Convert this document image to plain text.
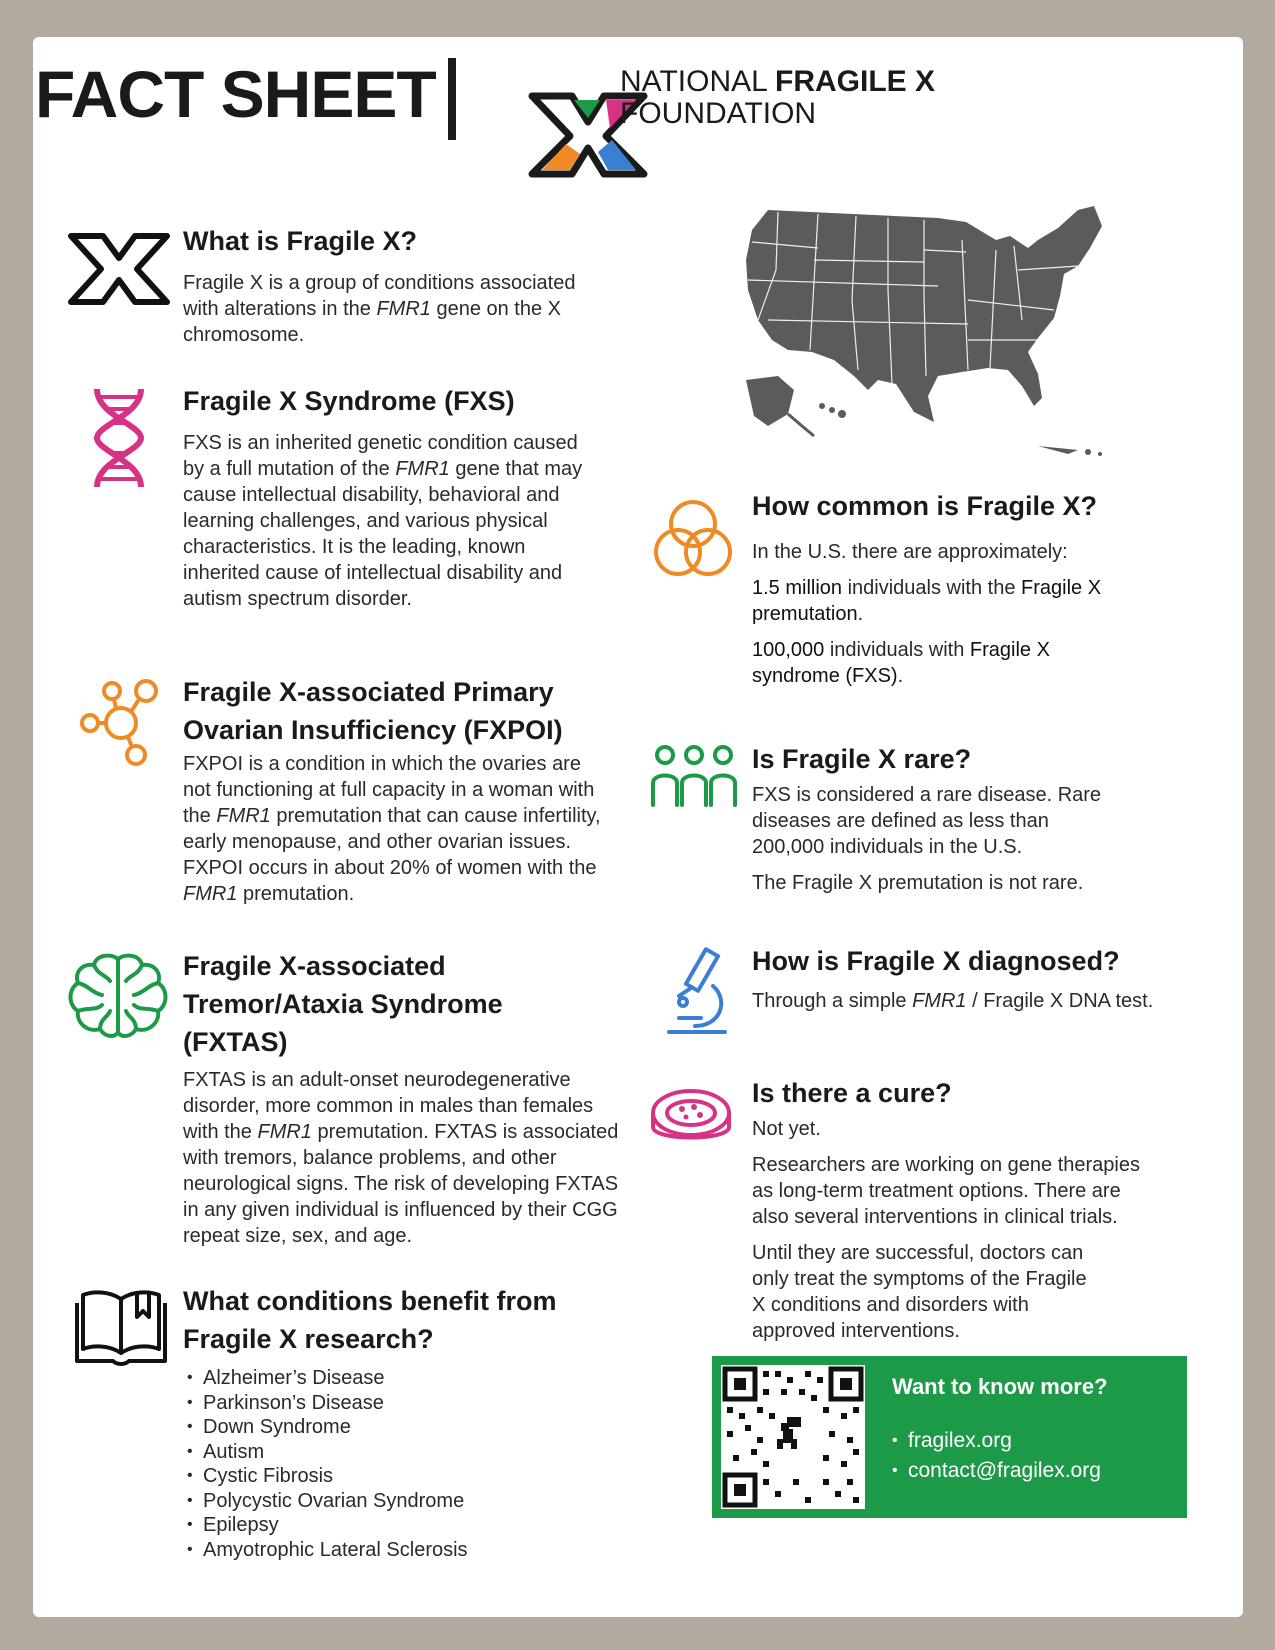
FACT SHEET	NATIONAL FRAGILE X
FOUNDATION
What is Fragile X?

Fragile X is a group of conditions associated with alterations in the FMR1 gene on the X chromosome.

Fragile X Syndrome (FXS)

FXS is an inherited genetic condition caused by a full mutation of the FMR1 gene that may cause intellectual disability, behavioral and learning challenges, and various physical characteristics. It is the leading, known inherited cause of intellectual disability and autism spectrum disorder.

Fragile X-associated Primary
Ovarian Insufficiency (FXPOI)

FXPOI is a condition in which the ovaries are not functioning at full capacity in a woman with the FMR1 premutation that can cause infertility, early menopause, and other ovarian issues. FXPOI occurs in about 20% of women with the FMR1 premutation.

Fragile X-associated
Tremor/Ataxia Syndrome
(FXTAS)

FXTAS is an adult-onset neurodegenerative disorder, more common in males than females with the FMR1 premutation. FXTAS is associated with tremors, balance problems, and other neurological signs. The risk of developing FXTAS in any given individual is influenced by their CGG repeat size, sex, and age.

What conditions benefit from
Fragile X research?
• Alzheimer’s Disease
• Parkinson’s Disease
• Down Syndrome
• Autism
• Cystic Fibrosis
• Polycystic Ovarian Syndrome
• Epilepsy
• Amyotrophic Lateral Sclerosis
How common is Fragile X?

In the U.S. there are approximately:

1.5 million individuals with the Fragile X premutation.

100,000 individuals with Fragile X syndrome (FXS).

Is Fragile X rare?

FXS is considered a rare disease. Rare diseases are defined as less than 200,000 individuals in the U.S.

The Fragile X premutation is not rare.

How is Fragile X diagnosed?

Through a simple FMR1 / Fragile X DNA test.

Is there a cure?

Not yet.

Researchers are working on gene therapies as long-term treatment options. There are also several interventions in clinical trials.

Until they are successful, doctors can only treat the symptoms of the Fragile X conditions and disorders with approved interventions.

Want to know more?
• fragilex.org
• contact@fragilex.org
